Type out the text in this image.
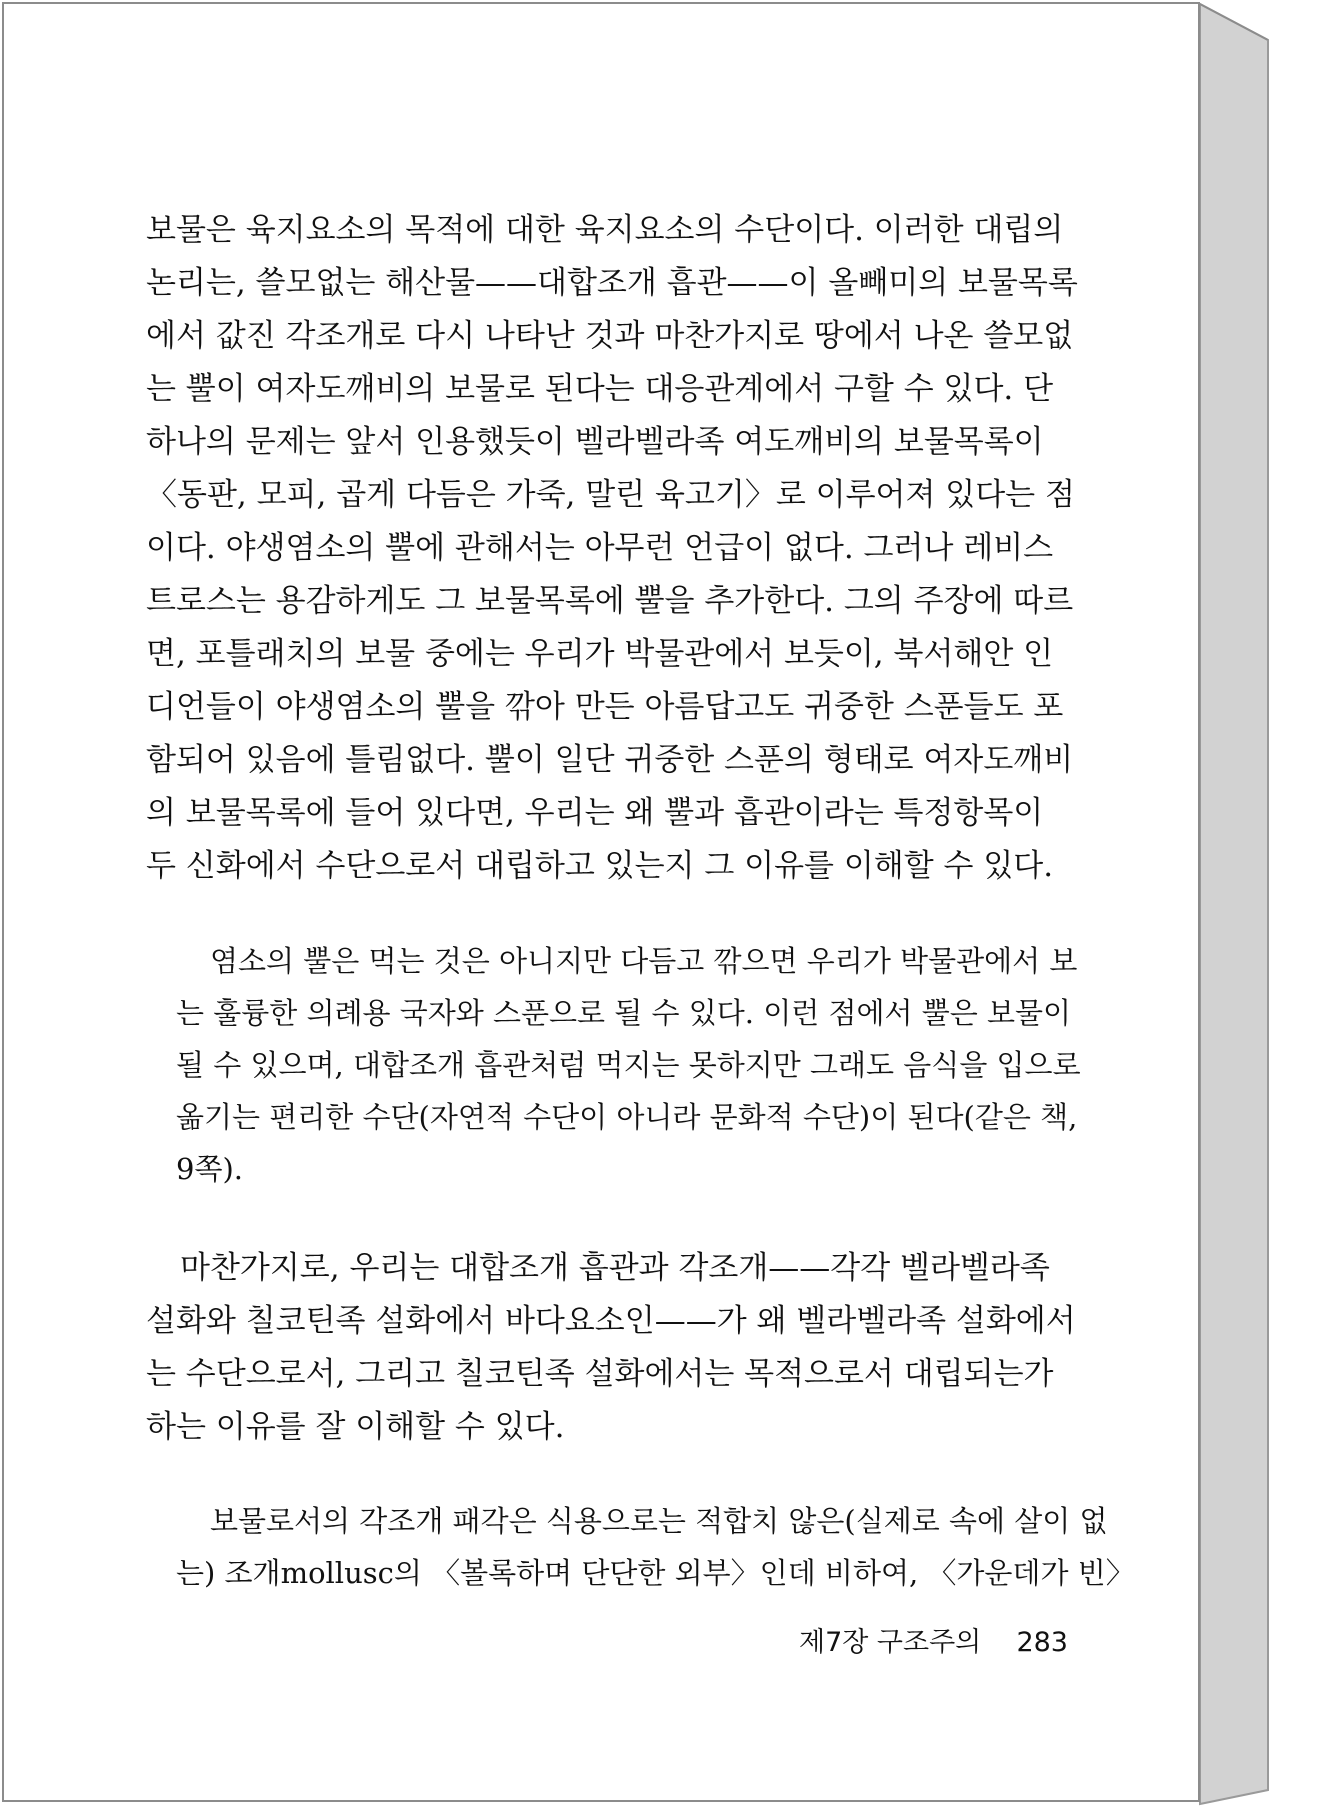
보물은 육지요소의 목적에 대한 육지요소의 수단이다. 이러한 대립의
논리는, 쓸모없는 해산물——대합조개 흡관——이 올빼미의 보물목록
에서 값진 각조개로 다시 나타난 것과 마찬가지로 땅에서 나온 쓸모없
는 뿔이 여자도깨비의 보물로 된다는 대응관계에서 구할 수 있다. 단
하나의 문제는 앞서 인용했듯이 벨라벨라족 여도깨비의 보물목록이
〈동판, 모피, 곱게 다듬은 가죽, 말린 육고기〉로 이루어져 있다는 점
이다. 야생염소의 뿔에 관해서는 아무런 언급이 없다. 그러나 레비스
트로스는 용감하게도 그 보물목록에 뿔을 추가한다. 그의 주장에 따르
면, 포틀래치의 보물 중에는 우리가 박물관에서 보듯이, 북서해안 인
디언들이 야생염소의 뿔을 깎아 만든 아름답고도 귀중한 스푼들도 포
함되어 있음에 틀림없다. 뿔이 일단 귀중한 스푼의 형태로 여자도깨비
의 보물목록에 들어 있다면, 우리는 왜 뿔과 흡관이라는 특정항목이
두 신화에서 수단으로서 대립하고 있는지 그 이유를 이해할 수 있다.
염소의 뿔은 먹는 것은 아니지만 다듬고 깎으면 우리가 박물관에서 보
는 훌륭한 의례용 국자와 스푼으로 될 수 있다. 이런 점에서 뿔은 보물이
될 수 있으며, 대합조개 흡관처럼 먹지는 못하지만 그래도 음식을 입으로
옮기는 편리한 수단(자연적 수단이 아니라 문화적 수단)이 된다(같은 책,
9쪽).
마찬가지로, 우리는 대합조개 흡관과 각조개——각각 벨라벨라족
설화와 칠코틴족 설화에서 바다요소인——가 왜 벨라벨라족 설화에서
는 수단으로서, 그리고 칠코틴족 설화에서는 목적으로서 대립되는가
하는 이유를 잘 이해할 수 있다.
보물로서의 각조개 패각은 식용으로는 적합치 않은(실제로 속에 살이 없
는) 조개mollusc의 〈볼록하며 단단한 외부〉인데 비하여, 〈가운데가 빈〉
제7장 구조주의 283
